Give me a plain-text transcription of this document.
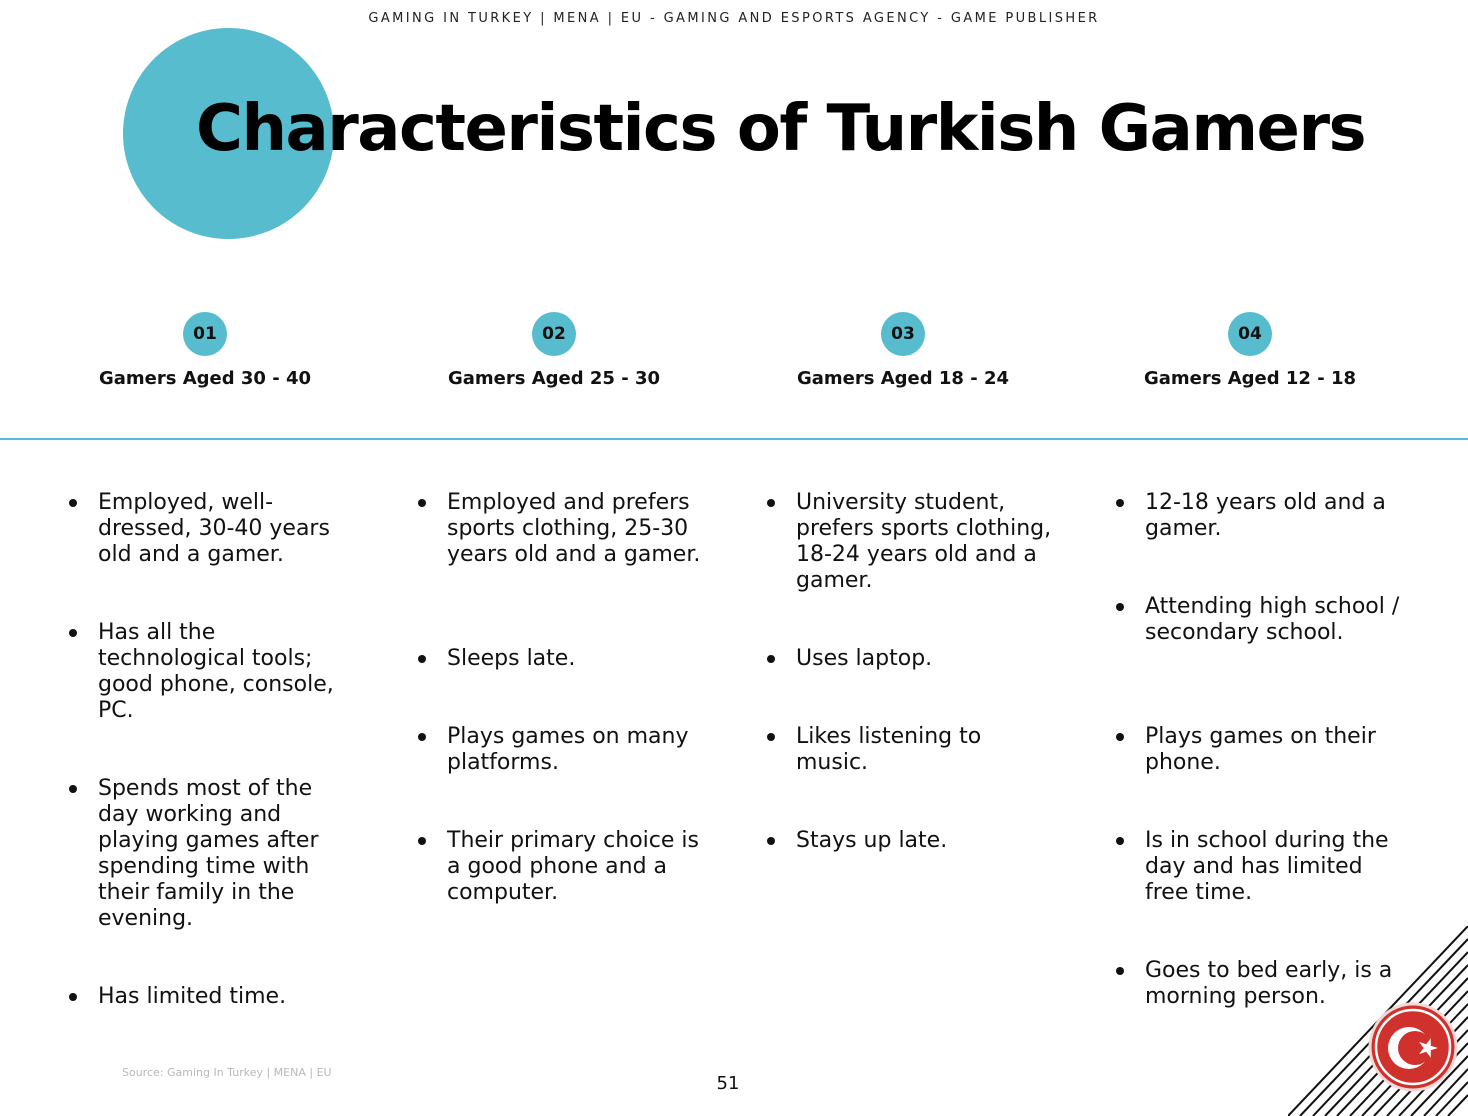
GAMING IN TURKEY | MENA | EU - GAMING AND ESPORTS AGENCY - GAME PUBLISHER
Characteristics of Turkish Gamers
01
Gamers Aged 30 - 40
02
Gamers Aged 25 - 30
03
Gamers Aged 18 - 24
04
Gamers Aged 12 - 18
Employed, well-dressed, 30-40 years old and a gamer.
Has all the technological tools; good phone, console, PC.
Spends most of the day working and playing games after spending time with their family in the evening.
Has limited time.
Employed and prefers sports clothing, 25-30 years old and a gamer.
Sleeps late.
Plays games on many platforms.
Their primary choice is a good phone and a computer.
University student, prefers sports clothing, 18-24 years old and a gamer.
Uses laptop.
Likes listening to music.
Stays up late.
12-18 years old and a gamer.
Attending high school / secondary school.
Plays games on their phone.
Is in school during the day and has limited free time.
Goes to bed early, is a morning person.
Source: Gaming In Turkey | MENA | EU
51
